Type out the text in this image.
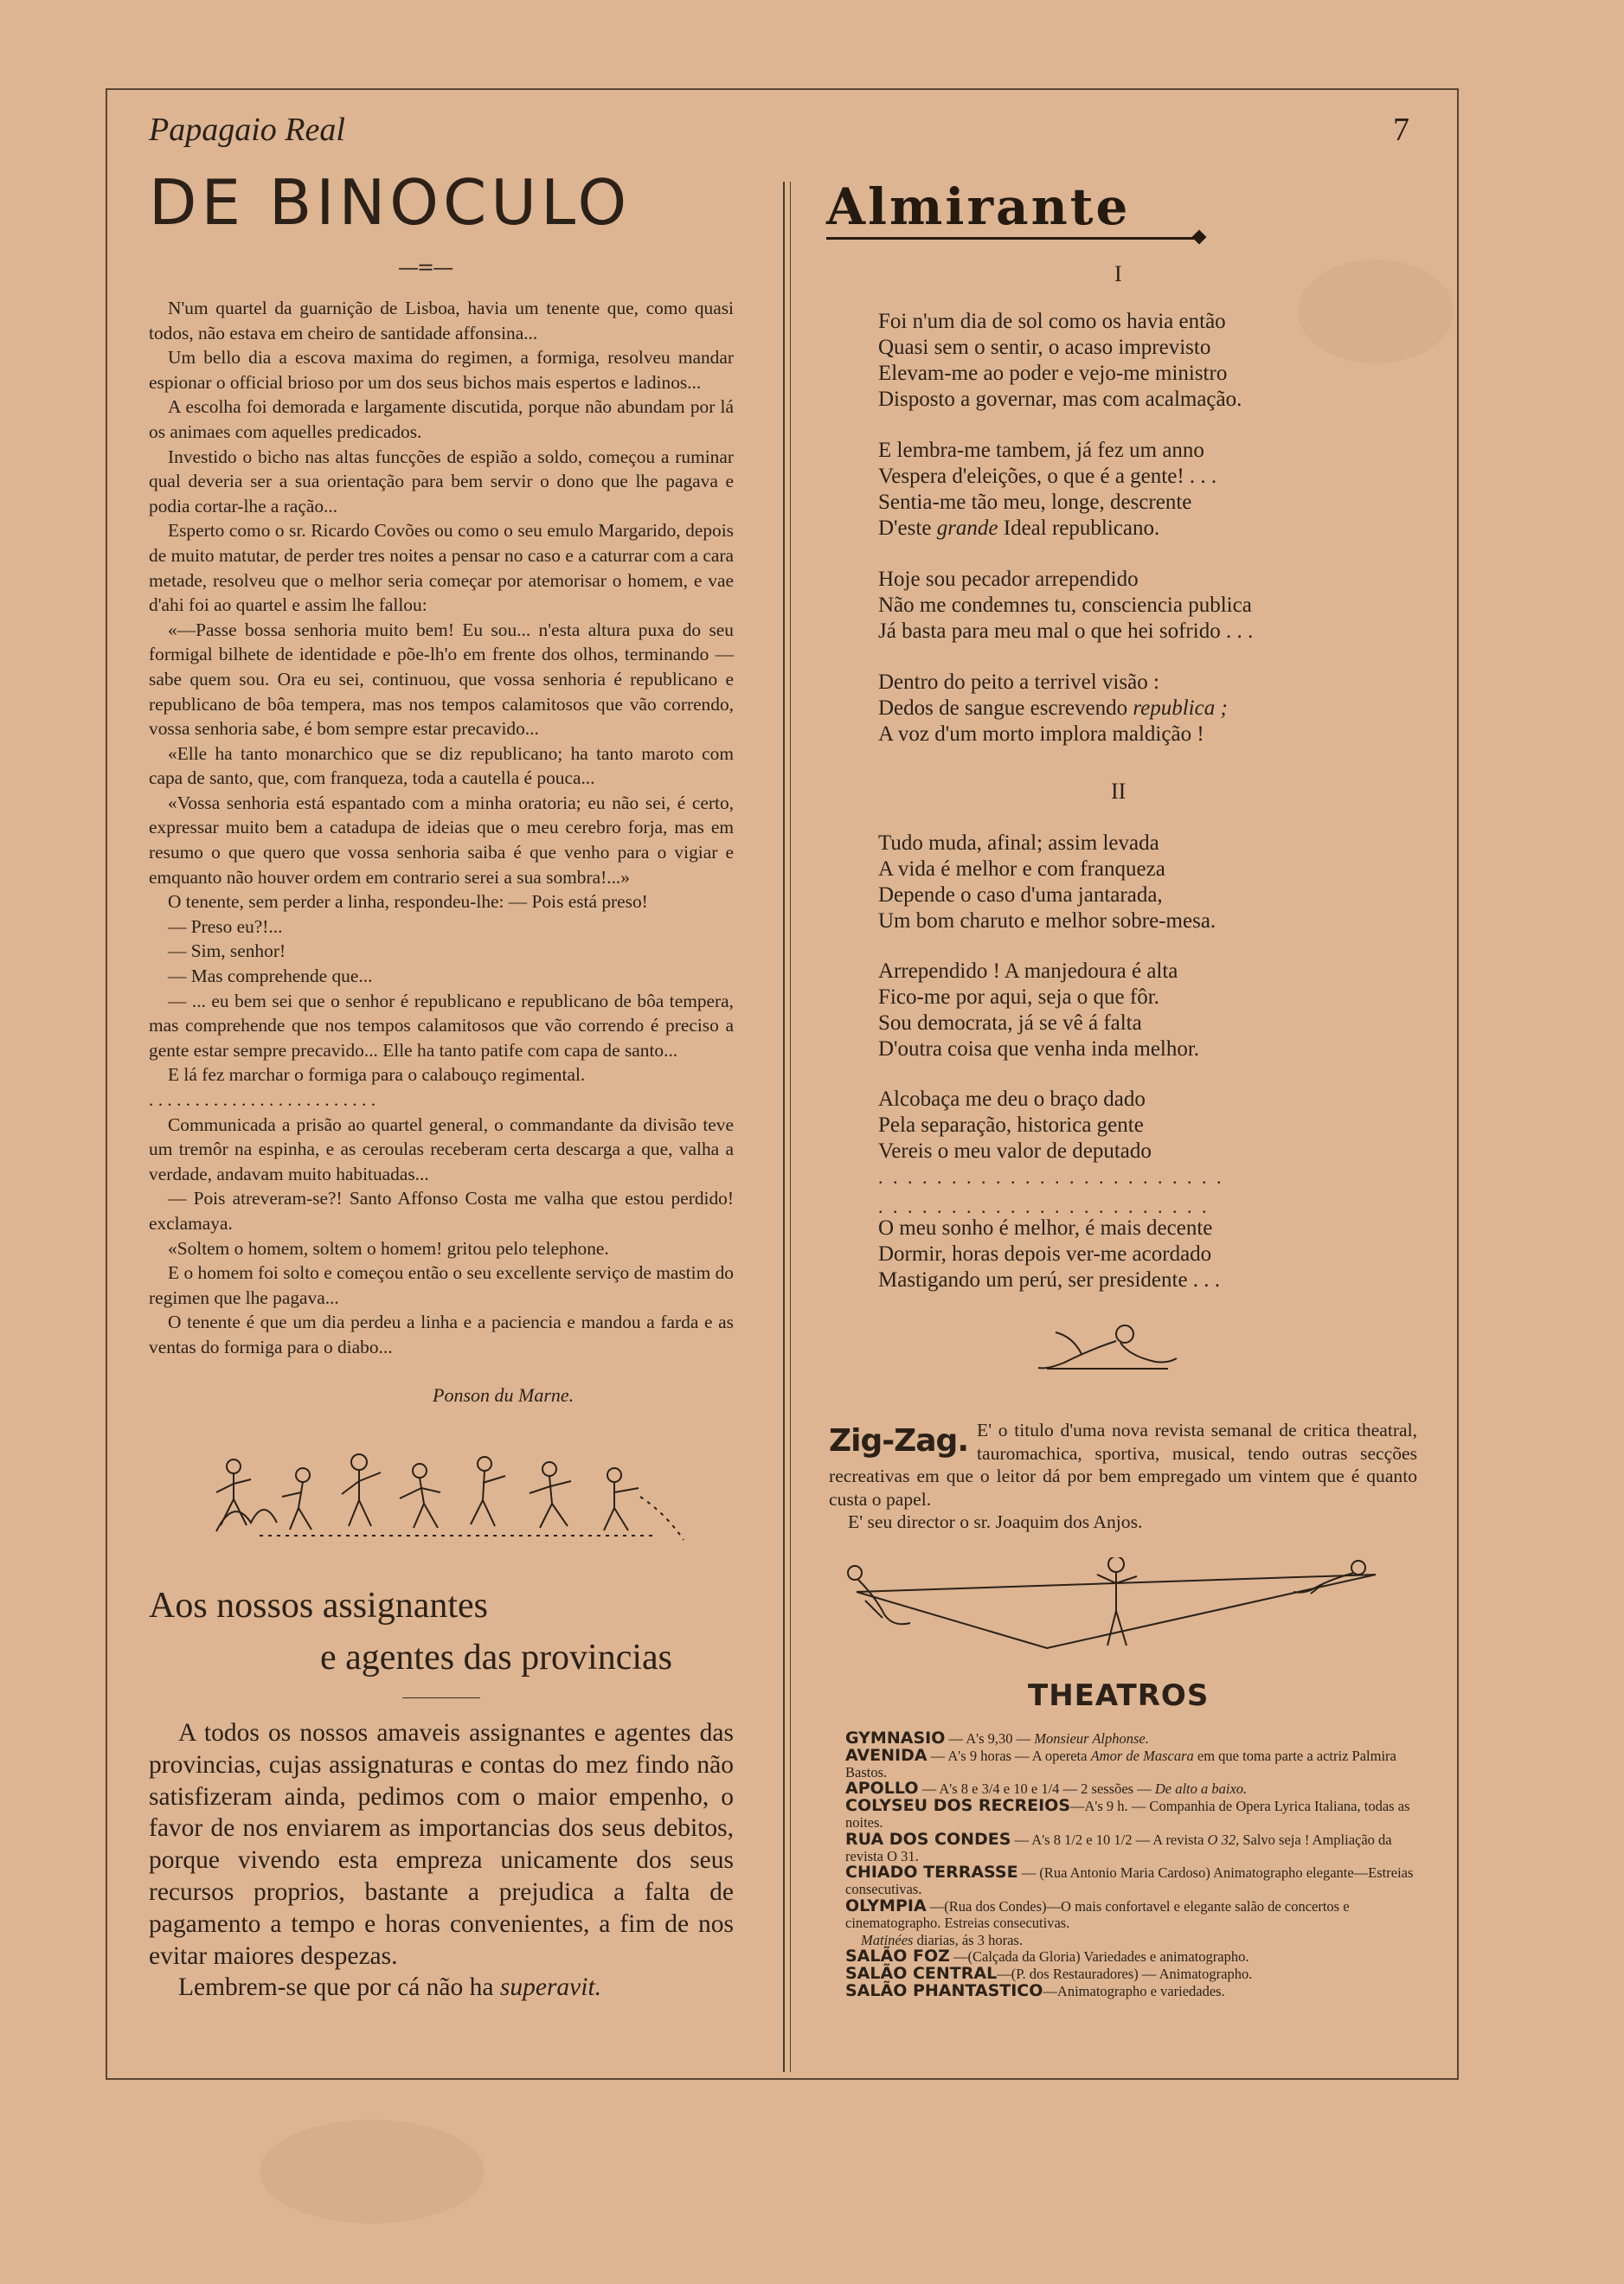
Papagaio Real	7
DE BINOCULO
—=—

N'um quartel da guarnição de Lisboa, havia um tenente que, como quasi todos, não estava em cheiro de santidade affonsina...

Um bello dia a escova maxima do regimen, a formiga, resolveu mandar espionar o official brioso por um dos seus bichos mais espertos e ladinos...

A escolha foi demorada e largamente discutida, porque não abundam por lá os animaes com aquelles predicados.

Investido o bicho nas altas funcções de espião a soldo, começou a ruminar qual deveria ser a sua orientação para bem servir o dono que lhe pagava e podia cortar-lhe a ração...

Esperto como o sr. Ricardo Covões ou como o seu emulo Margarido, depois de muito matutar, de perder tres noites a pensar no caso e a caturrar com a cara metade, resolveu que o melhor seria começar por atemorisar o homem, e vae d'ahi foi ao quartel e assim lhe fallou:

«—Passe bossa senhoria muito bem! Eu sou... n'esta altura puxa do seu formigal bilhete de identidade e põe-lh'o em frente dos olhos, terminando — sabe quem sou. Ora eu sei, continuou, que vossa senhoria é republicano e republicano de bôa tempera, mas nos tempos calamitosos que vão correndo, vossa senhoria sabe, é bom sempre estar precavido...

«Elle ha tanto monarchico que se diz republicano; ha tanto maroto com capa de santo, que, com franqueza, toda a cautella é pouca...

«Vossa senhoria está espantado com a minha oratoria; eu não sei, é certo, expressar muito bem a catadupa de ideias que o meu cerebro forja, mas em resumo o que quero que vossa senhoria saiba é que venho para o vigiar e emquanto não houver ordem em contrario serei a sua sombra!...»

O tenente, sem perder a linha, respondeu-lhe: — Pois está preso!

— Preso eu?!...

— Sim, senhor!

— Mas comprehende que...

— ... eu bem sei que o senhor é republicano e republicano de bôa tempera, mas comprehende que nos tempos calamitosos que vão correndo é preciso a gente estar sempre precavido... Elle ha tanto patife com capa de santo...

E lá fez marchar o formiga para o calabouço regimental.

. . . . . . . . . . . . . . . . . . . . . . . . .

Communicada a prisão ao quartel general, o commandante da divisão teve um tremôr na espinha, e as ceroulas receberam certa descarga a que, valha a verdade, andavam muito habituadas...

— Pois atreveram-se?! Santo Affonso Costa me valha que estou perdido! exclamaya.

«Soltem o homem, soltem o homem! gritou pelo telephone.

E o homem foi solto e começou então o seu excellente serviço de mastim do regimen que lhe pagava...

O tenente é que um dia perdeu a linha e a paciencia e mandou a farda e as ventas do formiga para o diabo...

Ponson du Marne.
Aos nossos assignantes
e agentes das provincias

A todos os nossos amaveis assignantes e agentes das provincias, cujas assignaturas e contas do mez findo não satisfizeram ainda, pedimos com o maior empenho, o favor de nos enviarem as importancias dos seus debitos, porque vivendo esta empreza unicamente dos seus recursos proprios, bastante a prejudica a falta de pagamento a tempo e horas convenientes, a fim de nos evitar maiores despezas.

Lembrem-se que por cá não ha superavit.

Almirante
I
Foi n'um dia de sol como os havia então
Quasi sem o sentir, o acaso imprevisto
Elevam-me ao poder e vejo-me ministro
Disposto a governar, mas com acalmação.
E lembra-me tambem, já fez um anno
Vespera d'eleições, o que é a gente! . . .
Sentia-me tão meu, longe, descrente
D'este grande Ideal republicano.
Hoje sou pecador arrependido
Não me condemnes tu, consciencia publica
Já basta para meu mal o que hei sofrido . . .
Dentro do peito a terrivel visão :
Dedos de sangue escrevendo republica ;
A voz d'um morto implora maldição !
II
Tudo muda, afinal; assim levada
A vida é melhor e com franqueza
Depende o caso d'uma jantarada,
Um bom charuto e melhor sobre-mesa.
Arrependido ! A manjedoura é alta
Fico-me por aqui, seja o que fôr.
Sou democrata, já se vê á falta
D'outra coisa que venha inda melhor.
Alcobaça me deu o braço dado
Pela separação, historica gente
Vereis o meu valor de deputado
. . . . . . . . . . . . . . . . . . . . . . . .
. . . . . . . . . . . . . . . . . . . . . . .
O meu sonho é melhor, é mais decente
Dormir, horas depois ver-me acordado
Mastigando um perú, ser presidente . . .
Zig-Zag. E' o titulo d'uma nova revista semanal de critica theatral, tauromachica, sportiva, musical, tendo outras secções recreativas em que o leitor dá por bem empregado um vintem que é quanto custa o papel.
E' seu director o sr. Joaquim dos Anjos.
THEATROS
GYMNASIO — A's 9,30 — Monsieur Alphonse.
AVENIDA — A's 9 horas — A opereta Amor de Mascara em que toma parte a actriz Palmira Bastos.
APOLLO — A's 8 e 3/4 e 10 e 1/4 — 2 sessões — De alto a baixo.
COLYSEU DOS RECREIOS—A's 9 h. — Companhia de Opera Lyrica Italiana, todas as noites.
RUA DOS CONDES — A's 8 1/2 e 10 1/2 — A revista O 32, Salvo seja ! Ampliação da revista O 31.
CHIADO TERRASSE — (Rua Antonio Maria Cardoso) Animatographo elegante—Estreias consecutivas.
OLYMPIA —(Rua dos Condes)—O mais confortavel e elegante salão de concertos e cinematographo. Estreias consecutivas.
Matinées diarias, ás 3 horas.
SALÃO FOZ —(Calçada da Gloria) Variedades e animatographo.
SALÃO CENTRAL—(P. dos Restauradores) — Animatographo.
SALÃO PHANTASTICO—Animatographo e variedades.
